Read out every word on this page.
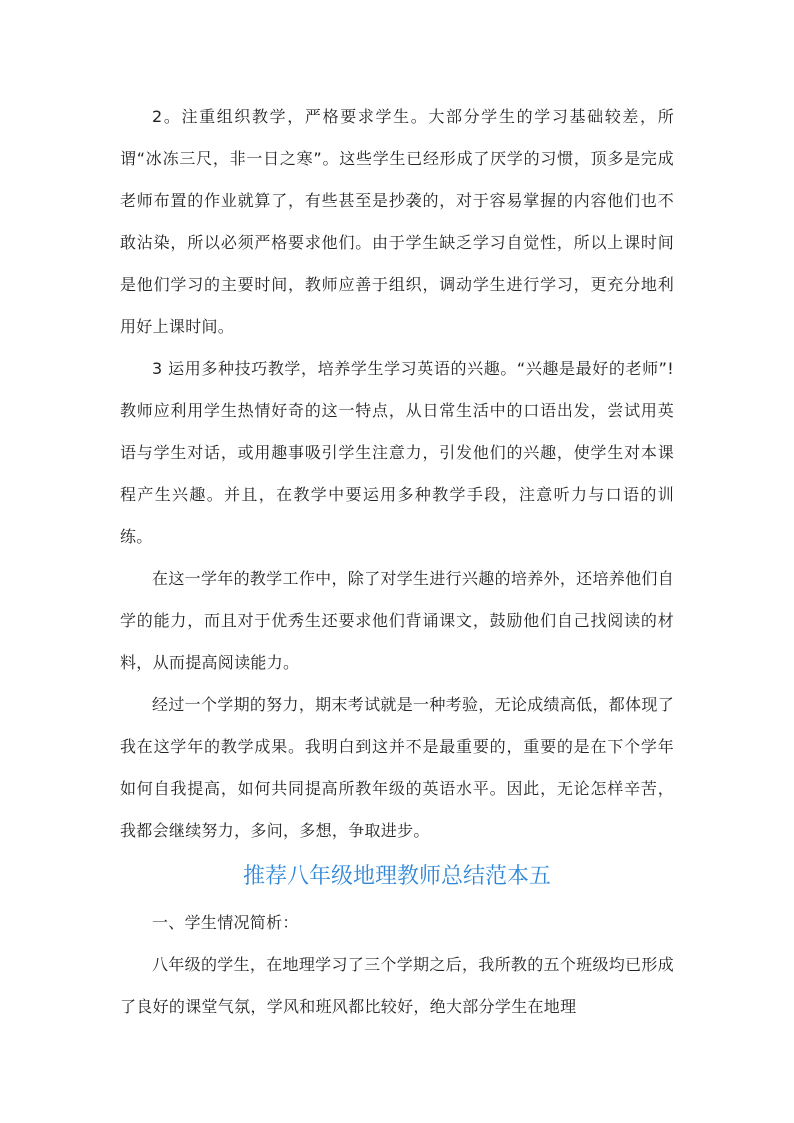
2。注重组织教学，严格要求学生。大部分学生的学习基础较差，所谓“冰冻三尺，非一日之寒”。这些学生已经形成了厌学的习惯，顶多是完成老师布置的作业就算了，有些甚至是抄袭的，对于容易掌握的内容他们也不敢沾染，所以必须严格要求他们。由于学生缺乏学习自觉性，所以上课时间是他们学习的主要时间，教师应善于组织，调动学生进行学习，更充分地利用好上课时间。

3 运用多种技巧教学，培养学生学习英语的兴趣。“兴趣是最好的老师”!教师应利用学生热情好奇的这一特点，从日常生活中的口语出发，尝试用英语与学生对话，或用趣事吸引学生注意力，引发他们的兴趣，使学生对本课程产生兴趣。并且，在教学中要运用多种教学手段，注意听力与口语的训练。

在这一学年的教学工作中，除了对学生进行兴趣的培养外，还培养他们自学的能力，而且对于优秀生还要求他们背诵课文，鼓励他们自己找阅读的材料，从而提高阅读能力。

经过一个学期的努力，期末考试就是一种考验，无论成绩高低，都体现了我在这学年的教学成果。我明白到这并不是最重要的，重要的是在下个学年如何自我提高，如何共同提高所教年级的英语水平。因此，无论怎样辛苦，我都会继续努力，多问，多想，争取进步。

推荐八年级地理教师总结范本五

一、学生情况简析：

八年级的学生，在地理学习了三个学期之后，我所教的五个班级均已形成了良好的课堂气氛，学风和班风都比较好，绝大部分学生在地理
